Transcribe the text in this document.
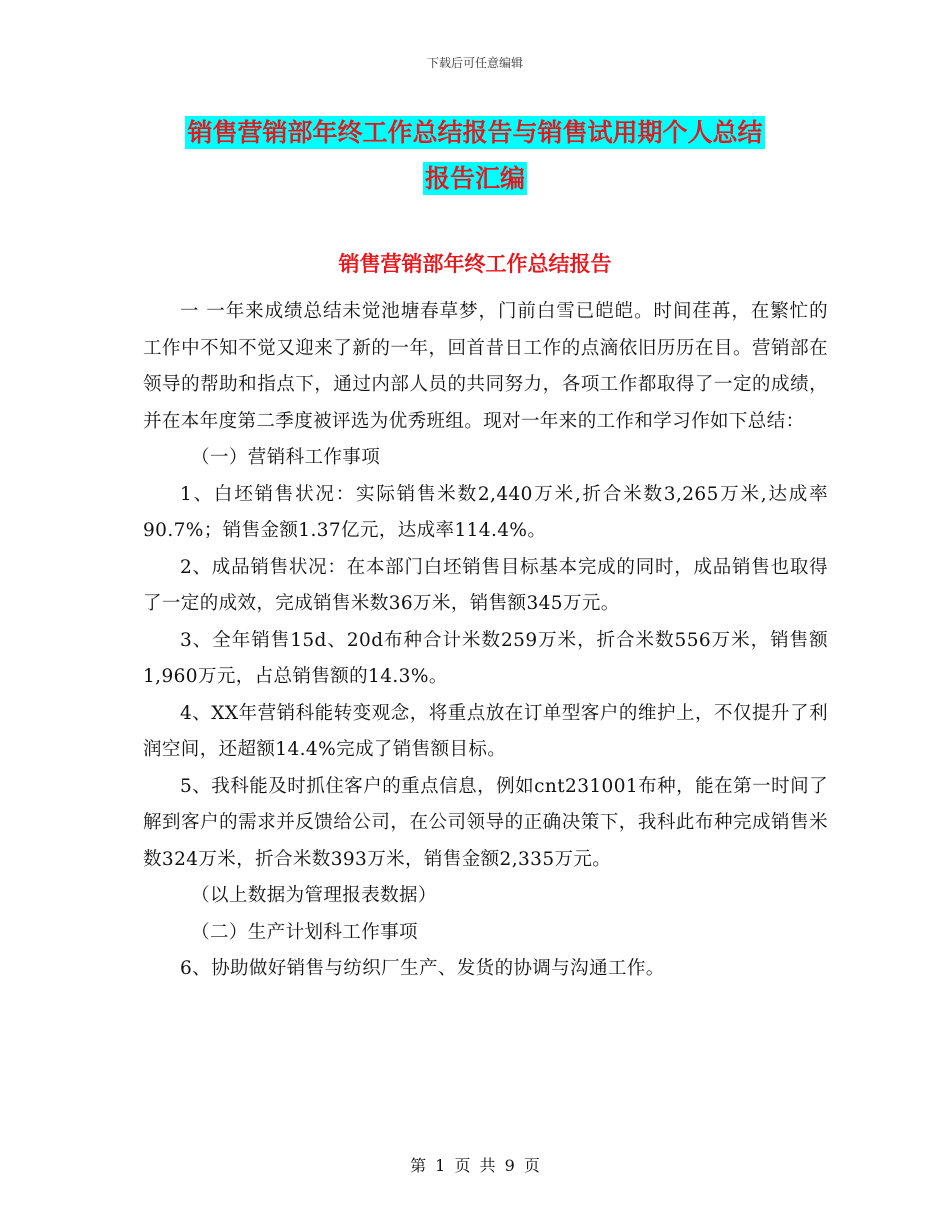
下载后可任意编辑
销售营销部年终工作总结报告与销售试用期个人总结
报告汇编
销售营销部年终工作总结报告

一 一年来成绩总结未觉池塘春草梦，门前白雪已皑皑。时间荏苒，在繁忙的工作中不知不觉又迎来了新的一年，回首昔日工作的点滴依旧历历在目。营销部在领导的帮助和指点下，通过内部人员的共同努力，各项工作都取得了一定的成绩，并在本年度第二季度被评选为优秀班组。现对一年来的工作和学习作如下总结：

（一）营销科工作事项

1、白坯销售状况：实际销售米数2,440万米,折合米数3,265万米,达成率90.7%；销售金额1.37亿元，达成率114.4%。

2、成品销售状况：在本部门白坯销售目标基本完成的同时，成品销售也取得了一定的成效，完成销售米数36万米，销售额345万元。

3、全年销售15d、20d布种合计米数259万米，折合米数556万米，销售额1,960万元，占总销售额的14.3%。

4、XX年营销科能转变观念，将重点放在订单型客户的维护上，不仅提升了利润空间，还超额14.4%完成了销售额目标。

5、我科能及时抓住客户的重点信息，例如cnt231001布种，能在第一时间了解到客户的需求并反馈给公司，在公司领导的正确决策下，我科此布种完成销售米数324万米，折合米数393万米，销售金额2,335万元。

（以上数据为管理报表数据）

（二）生产计划科工作事项

6、协助做好销售与纺织厂生产、发货的协调与沟通工作。

第 1 页 共 9 页
